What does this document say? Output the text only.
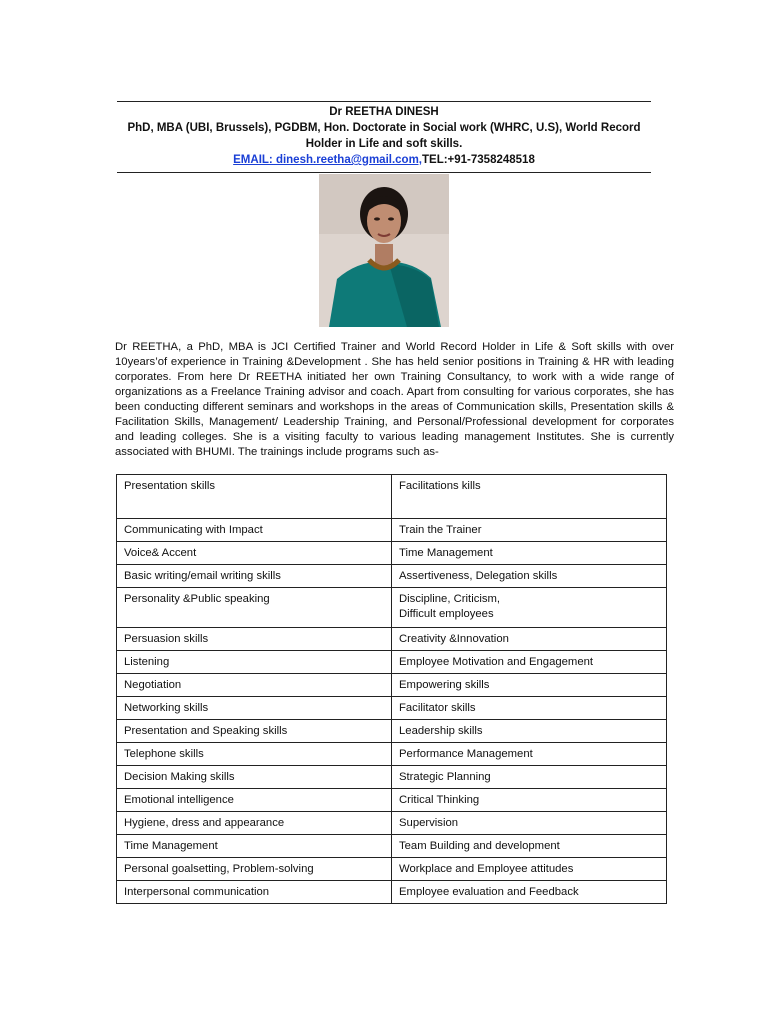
Dr REETHA DINESH
PhD, MBA (UBI, Brussels), PGDBM, Hon. Doctorate in Social work (WHRC, U.S), World Record Holder in Life and soft skills.
EMAIL: dinesh.reetha@gmail.com,TEL:+91-7358248518
Dr REETHA, a PhD, MBA is JCI Certified Trainer and World Record Holder in Life & Soft skills with over 10years’of experience in Training &Development . She has held senior positions in Training & HR with leading corporates. From here Dr REETHA initiated her own Training Consultancy, to work with a wide range of organizations as a Freelance Training advisor and coach. Apart from consulting for various corporates, she has been conducting different seminars and workshops in the areas of Communication skills, Presentation skills & Facilitation Skills, Management/ Leadership Training, and Personal/Professional development for corporates and leading colleges. She is a visiting faculty to various leading management Institutes. She is currently associated with BHUMI. The trainings include programs such as-
Presentation skills	Facilitations kills
Communicating with Impact	Train the Trainer
Voice& Accent	Time Management
Basic writing/email writing skills	Assertiveness, Delegation skills
Personality &Public speaking	Discipline, Criticism,
Difficult employees

Persuasion skills	Creativity &Innovation
Listening	Employee Motivation and Engagement
Negotiation	Empowering skills
Networking skills	Facilitator skills
Presentation and Speaking skills	Leadership skills
Telephone skills	Performance Management
Decision Making skills	Strategic Planning
Emotional intelligence	Critical Thinking
Hygiene, dress and appearance	Supervision
Time Management	Team Building and development
Personal goalsetting, Problem-solving	Workplace and Employee attitudes
Interpersonal communication	Employee evaluation and Feedback
